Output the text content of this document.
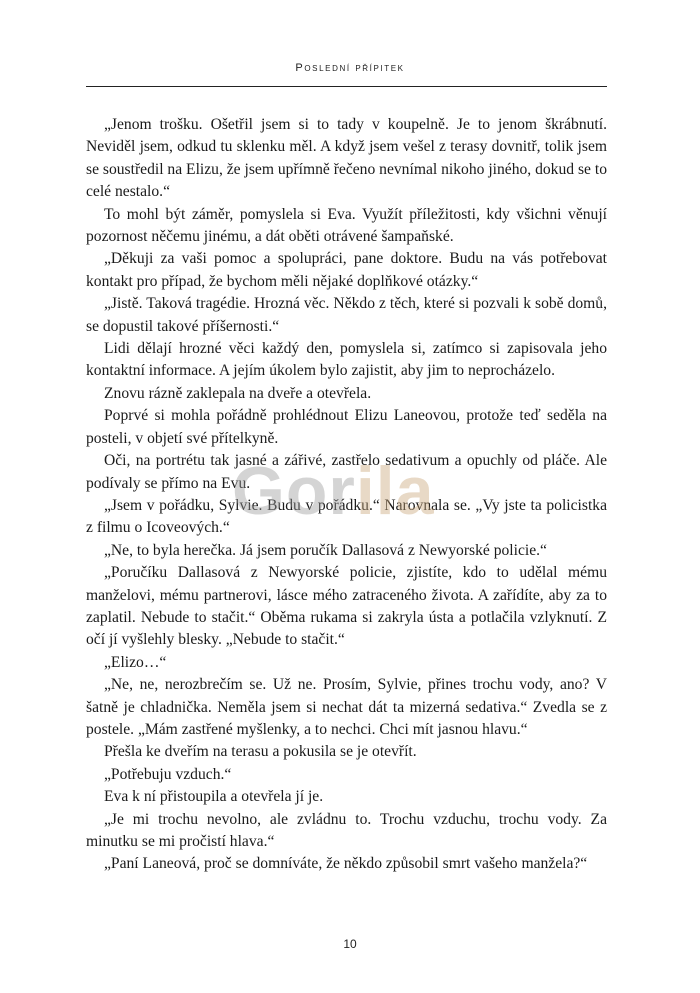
Poslední přípitek

„Jenom trošku. Ošetřil jsem si to tady v koupelně. Je to jenom škrábnutí. Neviděl jsem, odkud tu sklenku měl. A když jsem vešel z terasy dovnitř, tolik jsem se soustředil na Elizu, že jsem upřímně řečeno nevnímal nikoho jiného, dokud se to celé nestalo.“

To mohl být záměr, pomyslela si Eva. Využít příležitosti, kdy všichni věnují pozornost něčemu jinému, a dát oběti otrávené šampaňské.

„Děkuji za vaši pomoc a spolupráci, pane doktore. Budu na vás potřebovat kontakt pro případ, že bychom měli nějaké doplňkové otázky.“

„Jistě. Taková tragédie. Hrozná věc. Někdo z těch, které si pozvali k sobě domů, se dopustil takové příšernosti.“

Lidi dělají hrozné věci každý den, pomyslela si, zatímco si zapisovala jeho kontaktní informace. A jejím úkolem bylo zajistit, aby jim to neprocházelo.

Znovu rázně zaklepala na dveře a otevřela.

Poprvé si mohla pořádně prohlédnout Elizu Laneovou, protože teď seděla na posteli, v objetí své přítelkyně.

Oči, na portrétu tak jasné a zářivé, zastřelo sedativum a opuchly od pláče. Ale podívaly se přímo na Evu.

„Jsem v pořádku, Sylvie. Budu v pořádku.“ Narovnala se. „Vy jste ta policistka z filmu o Icoveových.“

„Ne, to byla herečka. Já jsem poručík Dallasová z Newyorské policie.“

„Poručíku Dallasová z Newyorské policie, zjistíte, kdo to udělal mému manželovi, mému partnerovi, lásce mého zatraceného života. A zařídíte, aby za to zaplatil. Nebude to stačit.“ Oběma rukama si zakryla ústa a potlačila vzlyknutí. Z očí jí vyšlehly blesky. „Nebude to stačit.“

„Elizo…“

„Ne, ne, nerozbrečím se. Už ne. Prosím, Sylvie, přines trochu vody, ano? V šatně je chladnička. Neměla jsem si nechat dát ta mizerná sedativa.“ Zvedla se z postele. „Mám zastřené myšlenky, a to nechci. Chci mít jasnou hlavu.“

Přešla ke dveřím na terasu a pokusila se je otevřít.

„Potřebuju vzduch.“

Eva k ní přistoupila a otevřela jí je.

„Je mi trochu nevolno, ale zvládnu to. Trochu vzduchu, trochu vody. Za minutku se mi pročistí hlava.“

„Paní Laneová, proč se domníváte, že někdo způsobil smrt vašeho manžela?“

Gorila
10
